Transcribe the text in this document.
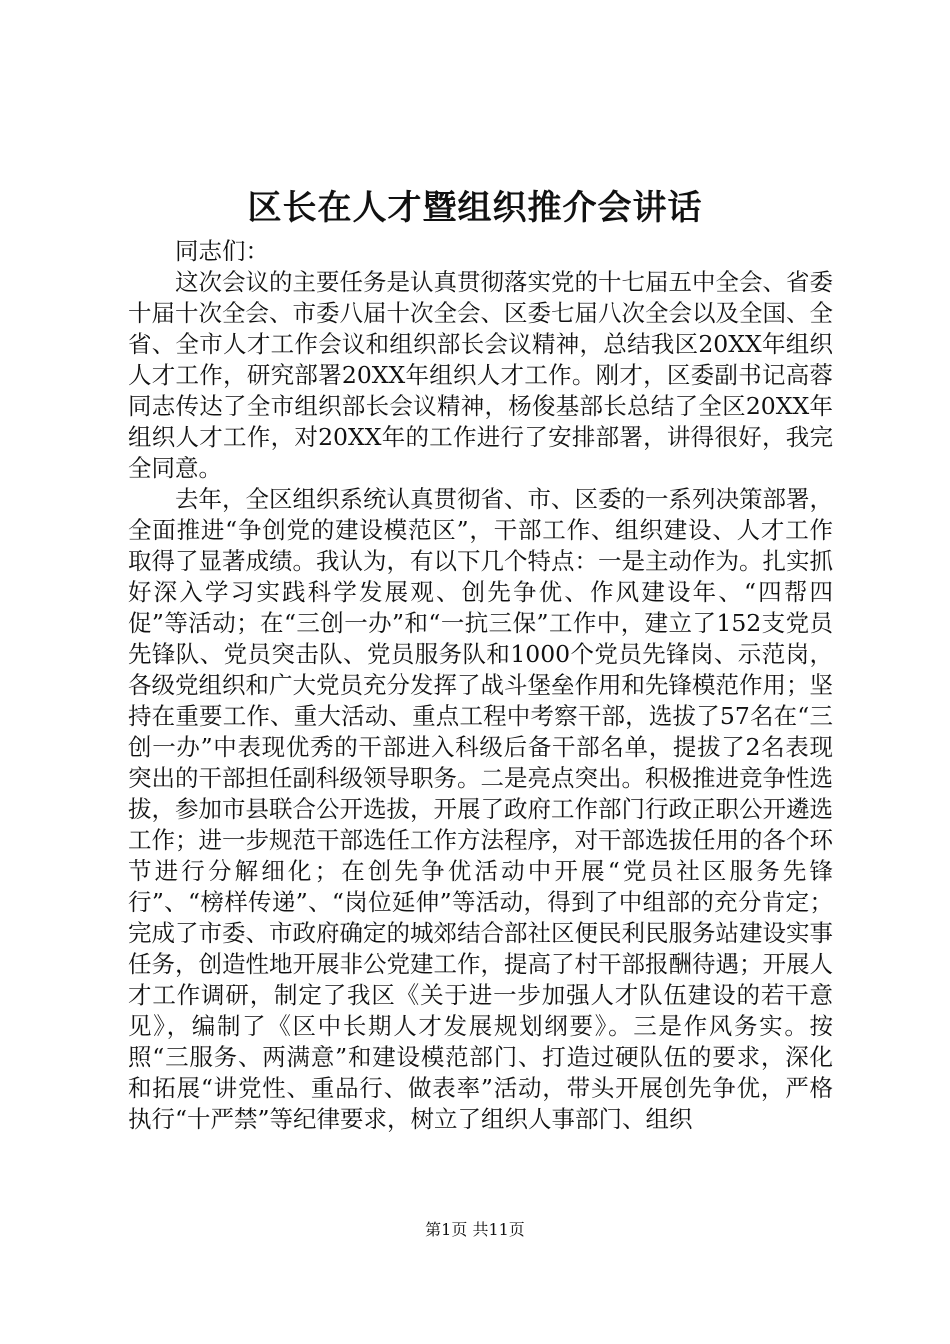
区长在人才暨组织推介会讲话

同志们：

这次会议的主要任务是认真贯彻落实党的十七届五中全会、省委十届十次全会、市委八届十次全会、区委七届八次全会以及全国、全省、全市人才工作会议和组织部长会议精神，总结我区20XX年组织人才工作，研究部署20XX年组织人才工作。刚才，区委副书记高蓉同志传达了全市组织部长会议精神，杨俊基部长总结了全区20XX年组织人才工作，对20XX年的工作进行了安排部署，讲得很好，我完全同意。

去年，全区组织系统认真贯彻省、市、区委的一系列决策部署，全面推进“争创党的建设模范区”，干部工作、组织建设、人才工作取得了显著成绩。我认为，有以下几个特点：一是主动作为。扎实抓好深入学习实践科学发展观、创先争优、作风建设年、“四帮四促”等活动；在“三创一办”和“一抗三保”工作中，建立了152支党员先锋队、党员突击队、党员服务队和1000个党员先锋岗、示范岗，各级党组织和广大党员充分发挥了战斗堡垒作用和先锋模范作用；坚持在重要工作、重大活动、重点工程中考察干部，选拔了57名在“三创一办”中表现优秀的干部进入科级后备干部名单，提拔了2名表现突出的干部担任副科级领导职务。二是亮点突出。积极推进竞争性选拔，参加市县联合公开选拔，开展了政府工作部门行政正职公开遴选工作；进一步规范干部选任工作方法程序，对干部选拔任用的各个环节进行分解细化；在创先争优活动中开展“党员社区服务先锋行”、“榜样传递”、“岗位延伸”等活动，得到了中组部的充分肯定；完成了市委、市政府确定的城郊结合部社区便民利民服务站建设实事任务，创造性地开展非公党建工作，提高了村干部报酬待遇；开展人才工作调研，制定了我区《关于进一步加强人才队伍建设的若干意见》，编制了《区中长期人才发展规划纲要》。三是作风务实。按照“三服务、两满意”和建设模范部门、打造过硬队伍的要求，深化和拓展“讲党性、重品行、做表率”活动，带头开展创先争优，严格执行“十严禁”等纪律要求，树立了组织人事部门、组织

第1页 共11页
